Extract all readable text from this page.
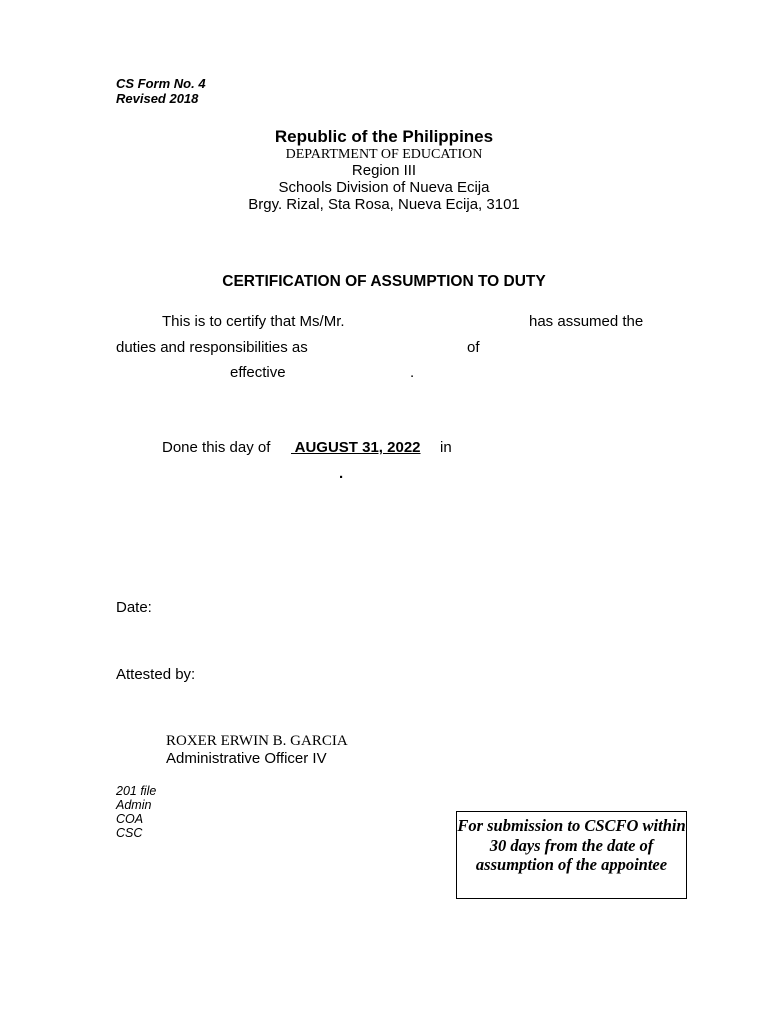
CS Form No. 4
Revised 2018
Republic of the Philippines
DEPARTMENT OF EDUCATION
Region III
Schools Division of Nueva Ecija
Brgy. Rizal, Sta Rosa, Nueva Ecija, 3101
CERTIFICATION OF ASSUMPTION TO DUTY
This is to certify that Ms/Mr.	has assumed the
duties and responsibilities as	of
effective	.
Done this day of AUGUST 31, 2022 in
.
Date:
Attested by:
ROXER ERWIN B. GARCIA
Administrative Officer IV
201 file
Admin
COA
CSC	For submission to CSCFO within 30 days from the date of assumption of the appointee
